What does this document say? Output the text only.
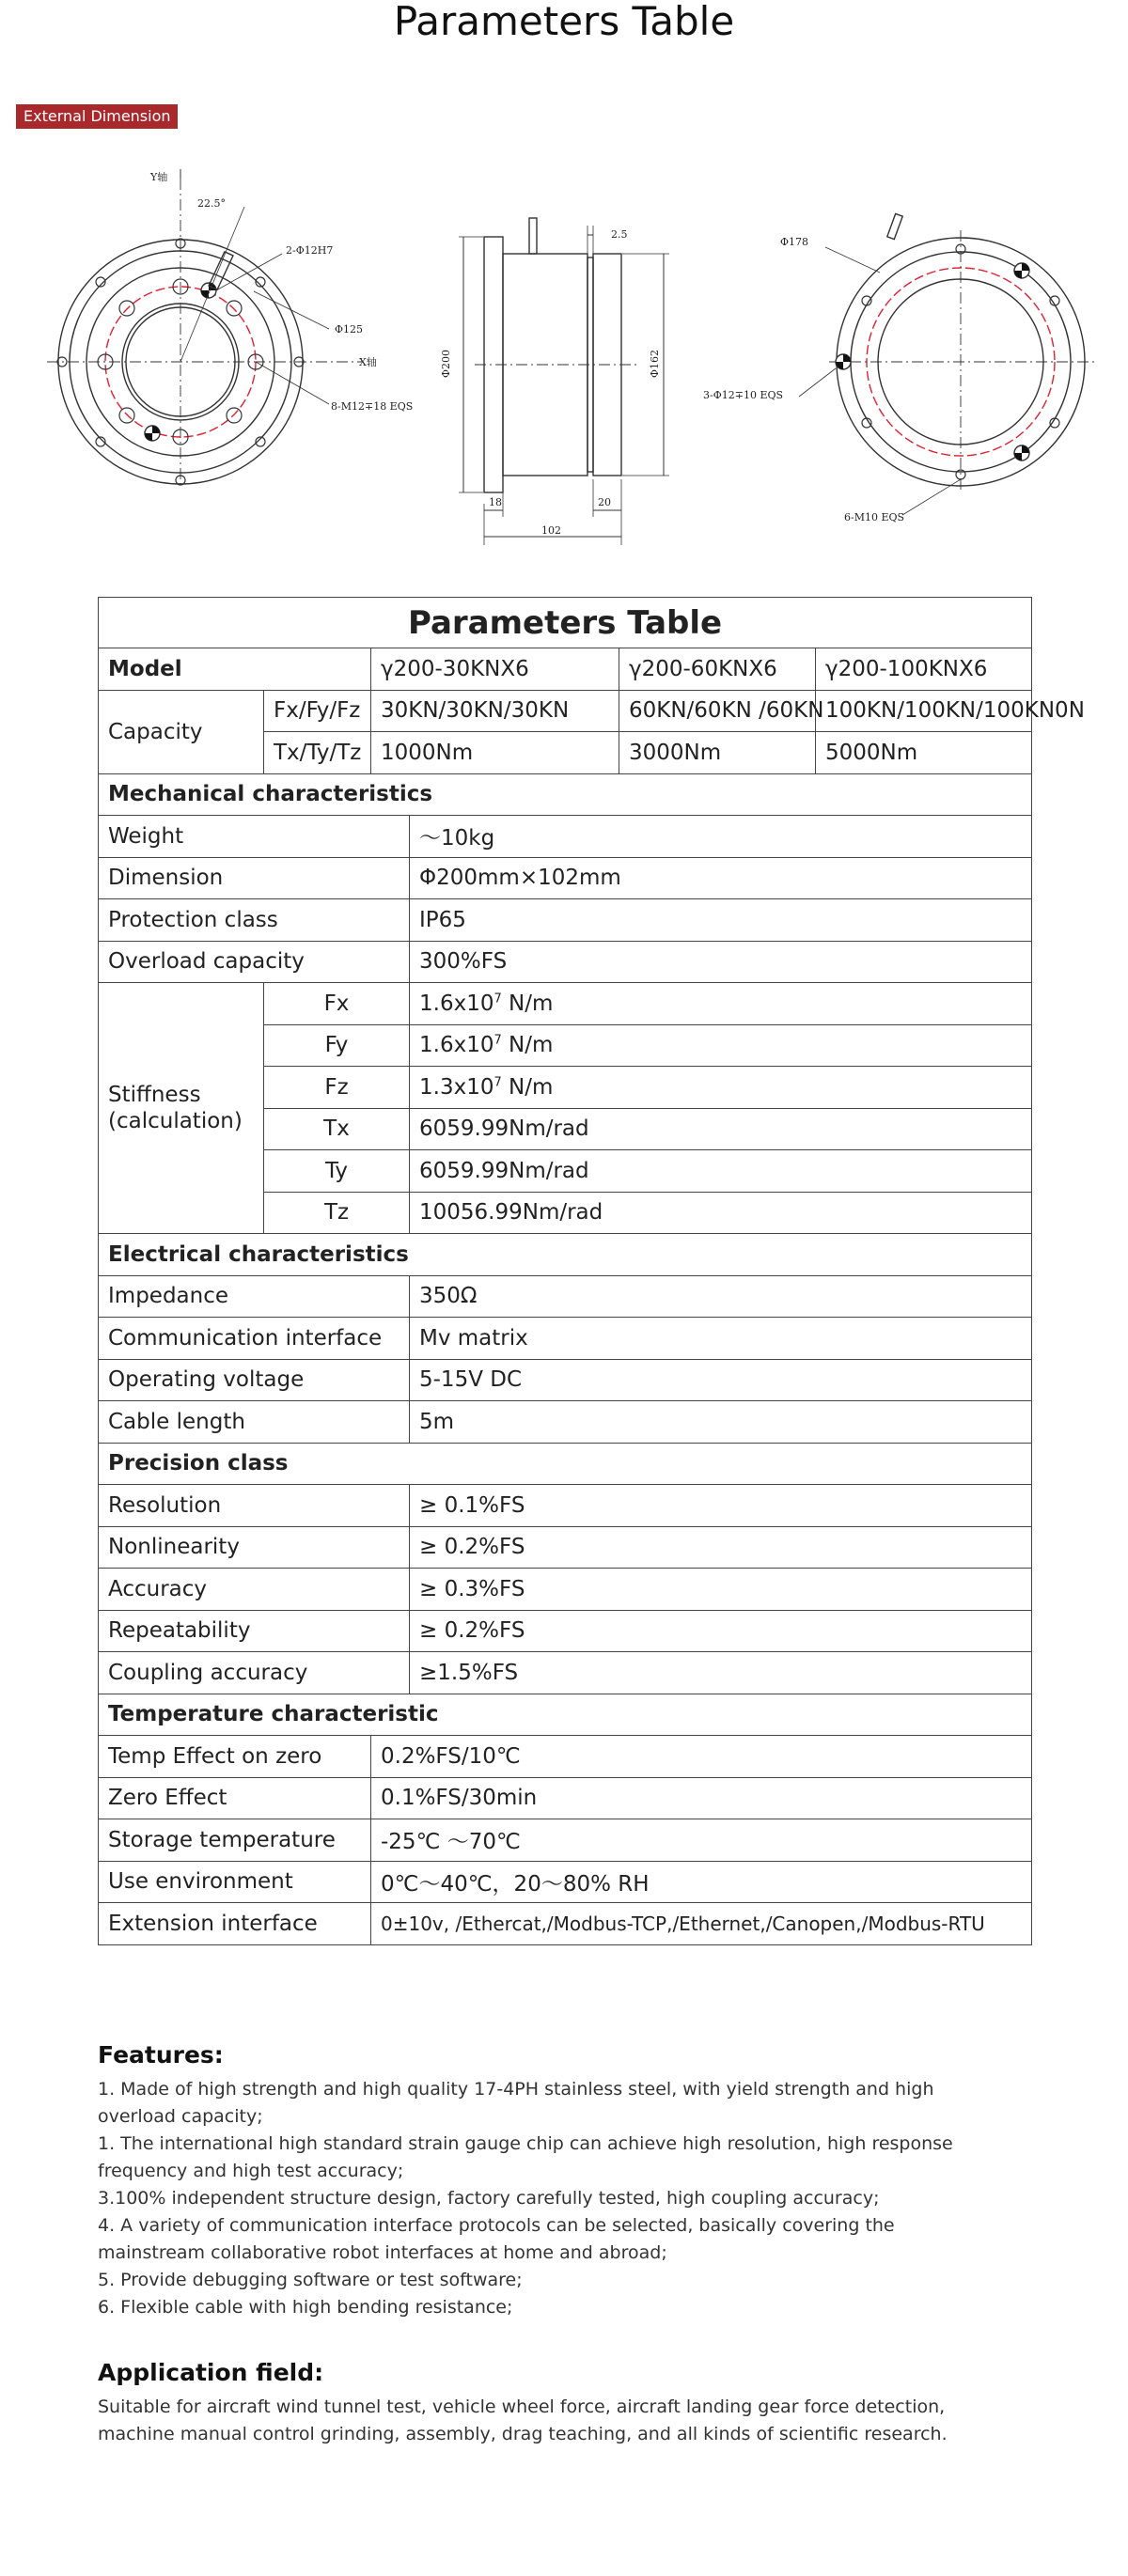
Parameters Table
External Dimension
Y轴
22.5°
2-Φ12H7
Φ125
X轴
8-M12∓18 EQS
2.5
Φ200	Φ162
18	20
102
Φ178
3-Φ12∓10 EQS
6-M10 EQS
Parameters Table					
Model		γ200-30KNX6		γ200-60KNX6	γ200-100KNX6
Capacity	Fx/Fy/Fz	30KN/30KN/30KN		60KN/60KN /60KN	100KN/100KN/100KN0N
	Tx/Ty/Tz	1000Nm		3000Nm	5000Nm
Mechanical characteristics					
Weight			～10kg		
Dimension			Φ200mm×102mm		
Protection class			IP65		
Overload capacity			300%FS		
Stiffness (calculation)	Fx		$1.6x10^7$ N/m		
	Fy		$1.6x10^7$ N/m		
	Fz		$1.3x10^7$ N/m		
	Tx		6059.99Nm/rad		
	Ty		6059.99Nm/rad		
	Tz		10056.99Nm/rad		
Electrical characteristics					
Impedance			350Ω		
Communication interface			Mv matrix		
Operating voltage			5-15V DC		
Cable length			5m		
Precision class					
Resolution			≥ 0.1%FS		
Nonlinearity			≥ 0.2%FS		
Accuracy			≥ 0.3%FS		
Repeatability			≥ 0.2%FS		
Coupling accuracy			≥1.5%FS		
Temperature characteristic					
Temp Effect on zero		0.2%FS/10℃			
Zero Effect		0.1%FS/30min			
Storage temperature		-25℃ ～70℃			
Use environment		0℃～40℃，20～80% RH			
Extension interface		0±10v, /Ethercat,/Modbus-TCP,/Ethernet,/Canopen,/Modbus-RTU			

Features:

1. Made of high strength and high quality 17-4PH stainless steel, with yield strength and high overload capacity;

1. The international high standard strain gauge chip can achieve high resolution, high response frequency and high test accuracy;

3.100% independent structure design, factory carefully tested, high coupling accuracy;

4. A variety of communication interface protocols can be selected, basically covering the mainstream collaborative robot interfaces at home and abroad;

5. Provide debugging software or test software;

6. Flexible cable with high bending resistance;

Application field:

Suitable for aircraft wind tunnel test, vehicle wheel force, aircraft landing gear force detection, machine manual control grinding, assembly, drag teaching, and all kinds of scientific research.
